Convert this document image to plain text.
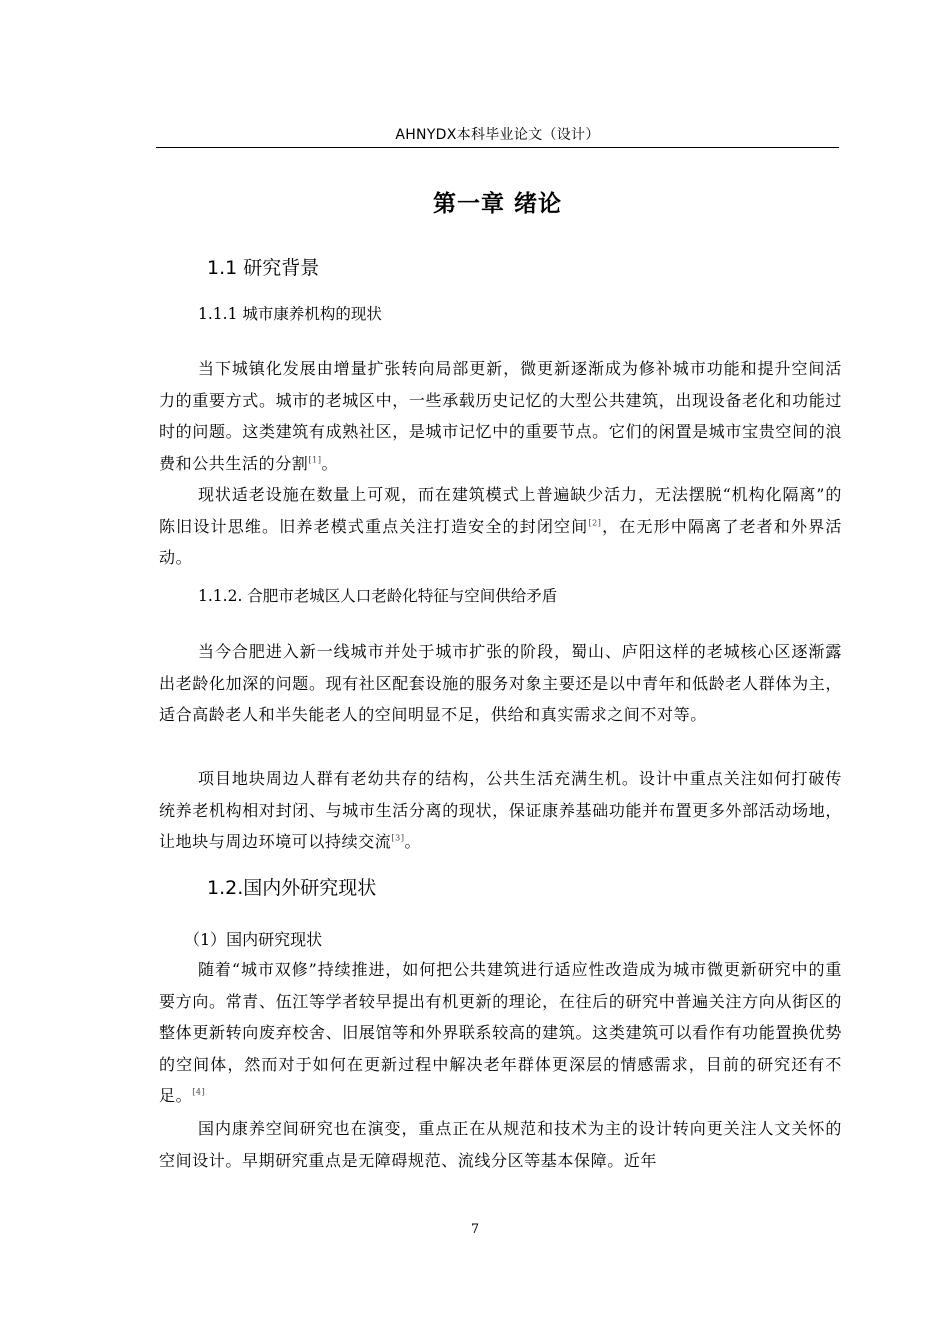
AHNYDX本科毕业论文（设计）
第一章 绪论
1.1 研究背景
1.1.1 城市康养机构的现状
当下城镇化发展由增量扩张转向局部更新，微更新逐渐成为修补城市功能和提升空间活力的重要方式。城市的老城区中，一些承载历史记忆的大型公共建筑，出现设备老化和功能过时的问题。这类建筑有成熟社区，是城市记忆中的重要节点。它们的闲置是城市宝贵空间的浪费和公共生活的分割[1]。
现状适老设施在数量上可观，而在建筑模式上普遍缺少活力，无法摆脱“机构化隔离”的陈旧设计思维。旧养老模式重点关注打造安全的封闭空间[2]，在无形中隔离了老者和外界活动。
1.1.2. 合肥市老城区人口老龄化特征与空间供给矛盾
当今合肥进入新一线城市并处于城市扩张的阶段，蜀山、庐阳这样的老城核心区逐渐露出老龄化加深的问题。现有社区配套设施的服务对象主要还是以中青年和低龄老人群体为主，适合高龄老人和半失能老人的空间明显不足，供给和真实需求之间不对等。
项目地块周边人群有老幼共存的结构，公共生活充满生机。设计中重点关注如何打破传统养老机构相对封闭、与城市生活分离的现状，保证康养基础功能并布置更多外部活动场地，让地块与周边环境可以持续交流[3]。
1.2.国内外研究现状
（1）国内研究现状
随着“城市双修”持续推进，如何把公共建筑进行适应性改造成为城市微更新研究中的重要方向。常青、伍江等学者较早提出有机更新的理论，在往后的研究中普遍关注方向从街区的整体更新转向废弃校舍、旧展馆等和外界联系较高的建筑。这类建筑可以看作有功能置换优势的空间体，然而对于如何在更新过程中解决老年群体更深层的情感需求，目前的研究还有不足。[4]
国内康养空间研究也在演变，重点正在从规范和技术为主的设计转向更关注人文关怀的空间设计。早期研究重点是无障碍规范、流线分区等基本保障。近年
7
